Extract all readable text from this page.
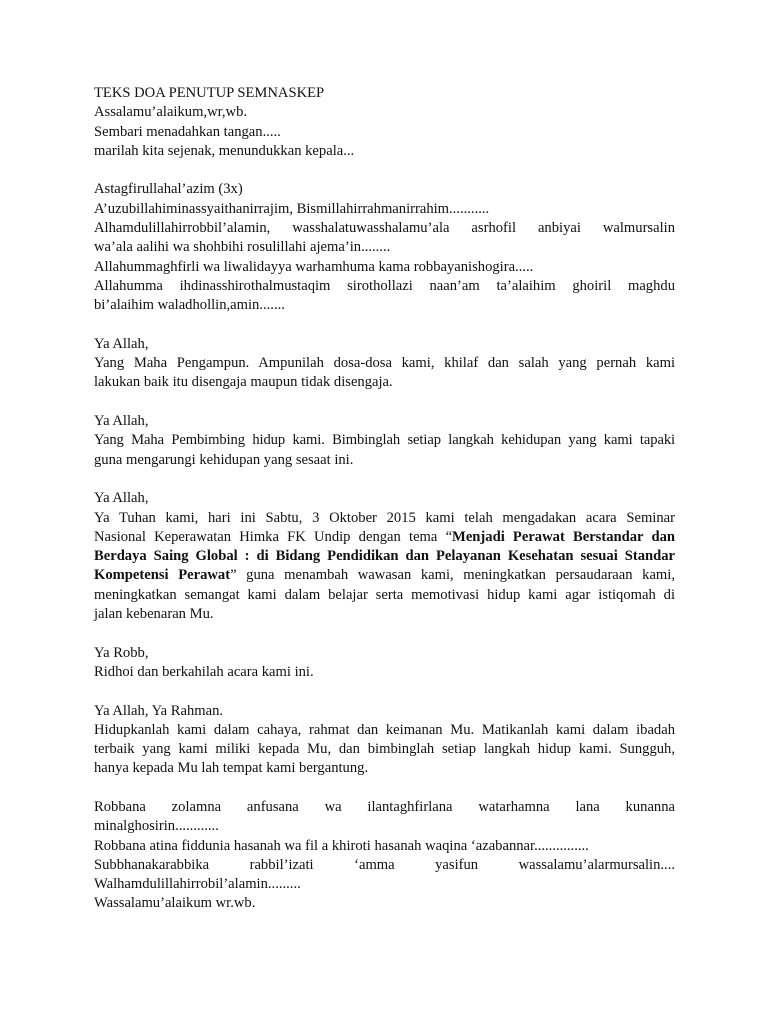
TEKS DOA PENUTUP SEMNASKEP
Assalamu’alaikum,wr,wb.
Sembari menadahkan tangan.....
marilah kita sejenak, menundukkan kepala...
Astagfirullahal’azim (3x)
A’uzubillahiminassyaithanirrajim, Bismillahirrahmanirrahim...........
Alhamdulillahirrobbil’alamin, wasshalatuwasshalamu’ala asrhofil anbiyai walmursalin
wa’ala aalihi wa shohbihi rosulillahi ajema’in........
Allahummaghfirli wa liwalidayya warhamhuma kama robbayanishogira.....
Allahumma ihdinasshirothalmustaqim sirothollazi naan’am ta’alaihim ghoiril maghdu
bi’alaihim waladhollin,amin.......
Ya Allah,
Yang Maha Pengampun. Ampunilah dosa-dosa kami, khilaf dan salah yang pernah kami
lakukan baik itu disengaja maupun tidak disengaja.
Ya Allah,
Yang Maha Pembimbing hidup kami. Bimbinglah setiap langkah kehidupan yang kami tapaki
guna mengarungi kehidupan yang sesaat ini.
Ya Allah,
Ya Tuhan kami, hari ini Sabtu, 3 Oktober 2015 kami telah mengadakan acara Seminar
Nasional Keperawatan Himka FK Undip dengan tema “Menjadi Perawat Berstandar dan
Berdaya Saing Global : di Bidang Pendidikan dan Pelayanan Kesehatan sesuai Standar
Kompetensi Perawat” guna menambah wawasan kami, meningkatkan persaudaraan kami,
meningkatkan semangat kami dalam belajar serta memotivasi hidup kami agar istiqomah di
jalan kebenaran Mu.
Ya Robb,
Ridhoi dan berkahilah acara kami ini.
Ya Allah, Ya Rahman.
Hidupkanlah kami dalam cahaya, rahmat dan keimanan Mu. Matikanlah kami dalam ibadah
terbaik yang kami miliki kepada Mu, dan bimbinglah setiap langkah hidup kami. Sungguh,
hanya kepada Mu lah tempat kami bergantung.
Robbana zolamna anfusana wa ilantaghfirlana watarhamna lana kunanna
minalghosirin............
Robbana atina fiddunia hasanah wa fil a khiroti hasanah waqina ‘azabannar...............
Subbhanakarabbika rabbil’izati ‘amma yasifun wassalamu’alarmursalin....
Walhamdulillahirrobil’alamin.........
Wassalamu’alaikum wr.wb.
